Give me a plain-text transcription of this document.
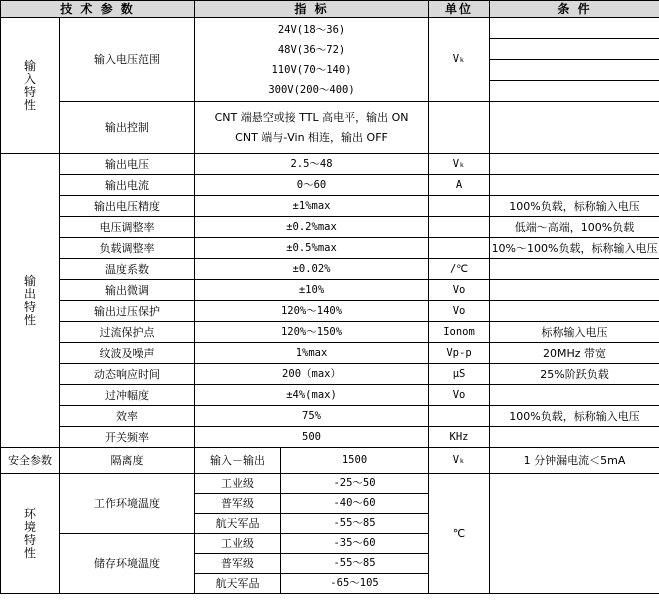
技 术 参 数		指 标		单位	条 件

输
入
特
性	输入电压范围	24V(18～36)
48V(36～72)
110V(70～140)
300V(200～400)		Vₖ	

	输出控制	CNT 端悬空或接 TTL 高电平，输出 ON
CNT 端与-Vin 相连，输出 OFF			

输
出
特
性	输出电压	2.5～48		Vₖ	
	输出电流	0～60		A	
	输出电压精度	±1%max			100%负载，标称输入电压
	电压调整率	±0.2%max			低端～高端，100%负载
	负载调整率	±0.5%max			10%～100%负载，标称输入电压
	温度系数	±0.02%		/℃	
	输出微调	±10%		Vo	
	输出过压保护	120%～140%		Vo	
	过流保护点	120%～150%		Ionom	标称输入电压
	纹波及噪声	1%max		Vp-p	20MHz 带宽
	动态响应时间	200（max）		μS	25%阶跃负载
	过冲幅度	±4%(max)		Vo	
	效率	75%			100%负载，标称输入电压
	开关频率	500		KHz	
安全参数	隔离度	输入－输出	1500	Vₖ	1 分钟漏电流＜5mA

环
境
特
性	工作环境温度	工业级	-25～50	℃	
		普军级	-40～60		
		航天军品	-55～85		
	储存环境温度	工业级	-35～60		
		普军级	-55～85		
		航天军品	-65～105		
